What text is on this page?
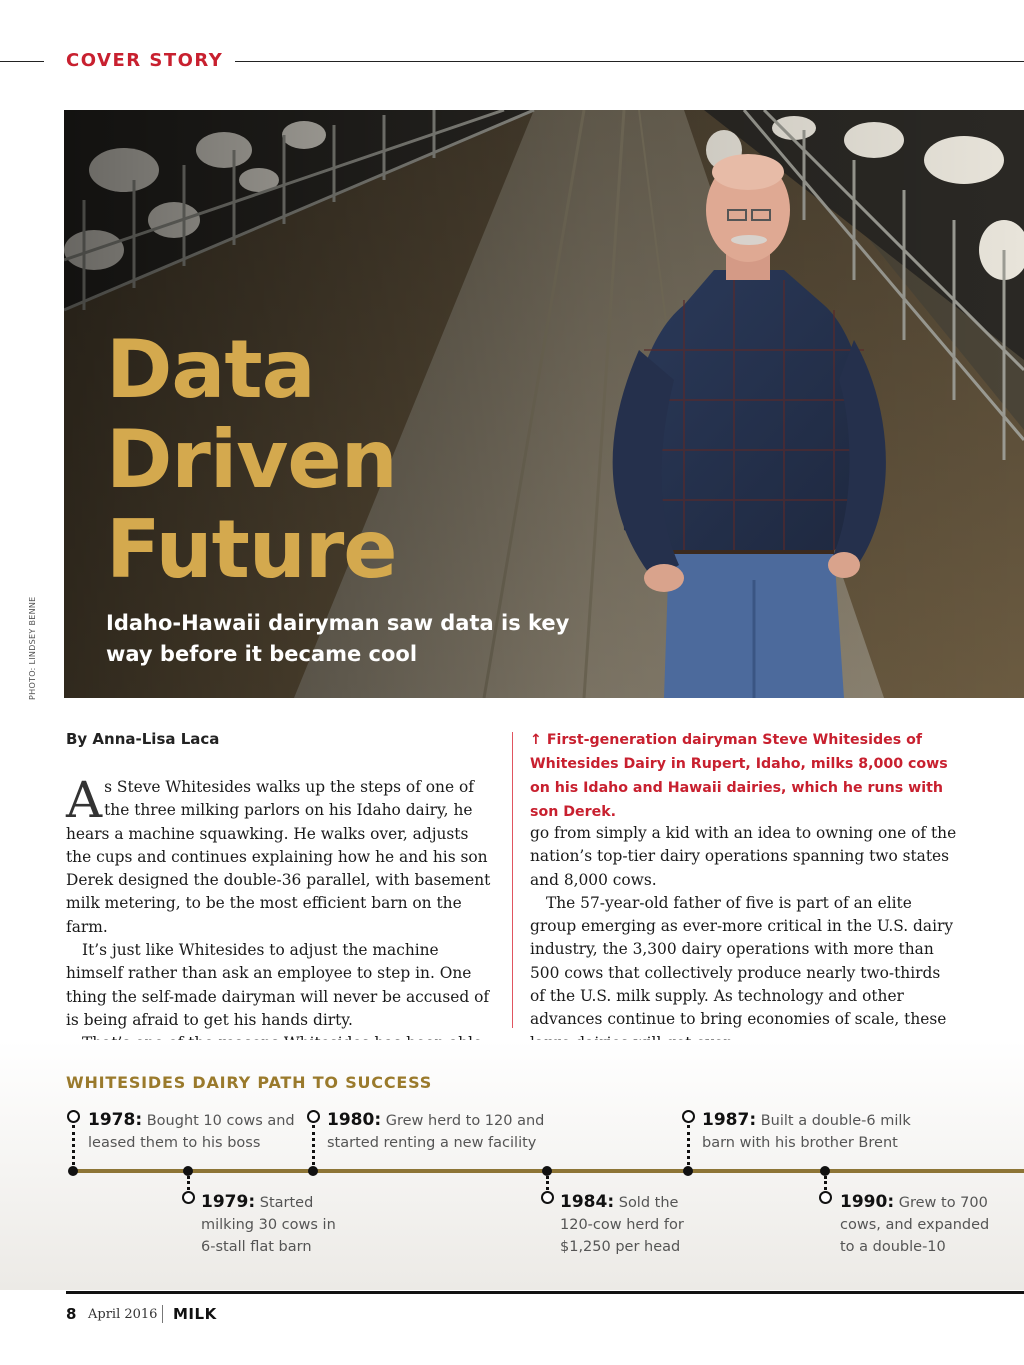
COVER STORY
Data
Driven
Future
Idaho-Hawaii dairyman saw data is key way before it became cool
PHOTO: LINDSEY BENNE
By Anna-Lisa Laca

As Steve Whitesides walks up the steps of one of the three milking parlors on his Idaho dairy, he hears a machine squawking. He walks over, adjusts the cups and continues explaining how he and his son Derek designed the double-36 parallel, with basement milk metering, to be the most efficient barn on the farm.

It’s just like Whitesides to adjust the machine himself rather than ask an employee to step in. One thing the self-made dairyman will never be accused of is being afraid to get his hands dirty.

↑ First-generation dairyman Steve Whitesides of Whitesides Dairy in Rupert, Idaho, milks 8,000 cows on his Idaho and Hawaii dairies, which he runs with son Derek.

go from simply a kid with an idea to owning one of the nation’s top-tier dairy operations spanning two states and 8,000 cows.

The 57-year-old father of five is part of an elite group emerging as ever-more critical in the U.S. dairy industry, the 3,300 dairy operations with more than 500 cows that collectively produce nearly two-thirds of the U.S. milk supply. As technology and other advances continue to bring economies of scale, these

WHITESIDES DAIRY PATH TO SUCCESS
1978: Bought 10 cows and
leased them to his boss
1979: Started
milking 30 cows in
6-stall flat barn
1980: Grew herd to 120 and
started renting a new facility
1984: Sold the
120-cow herd for
$1,250 per head
1987: Built a double-6 milk
barn with his brother Brent
1990: Grew to 700
cows, and expanded
to a double-10
8 April 2016 MILK
